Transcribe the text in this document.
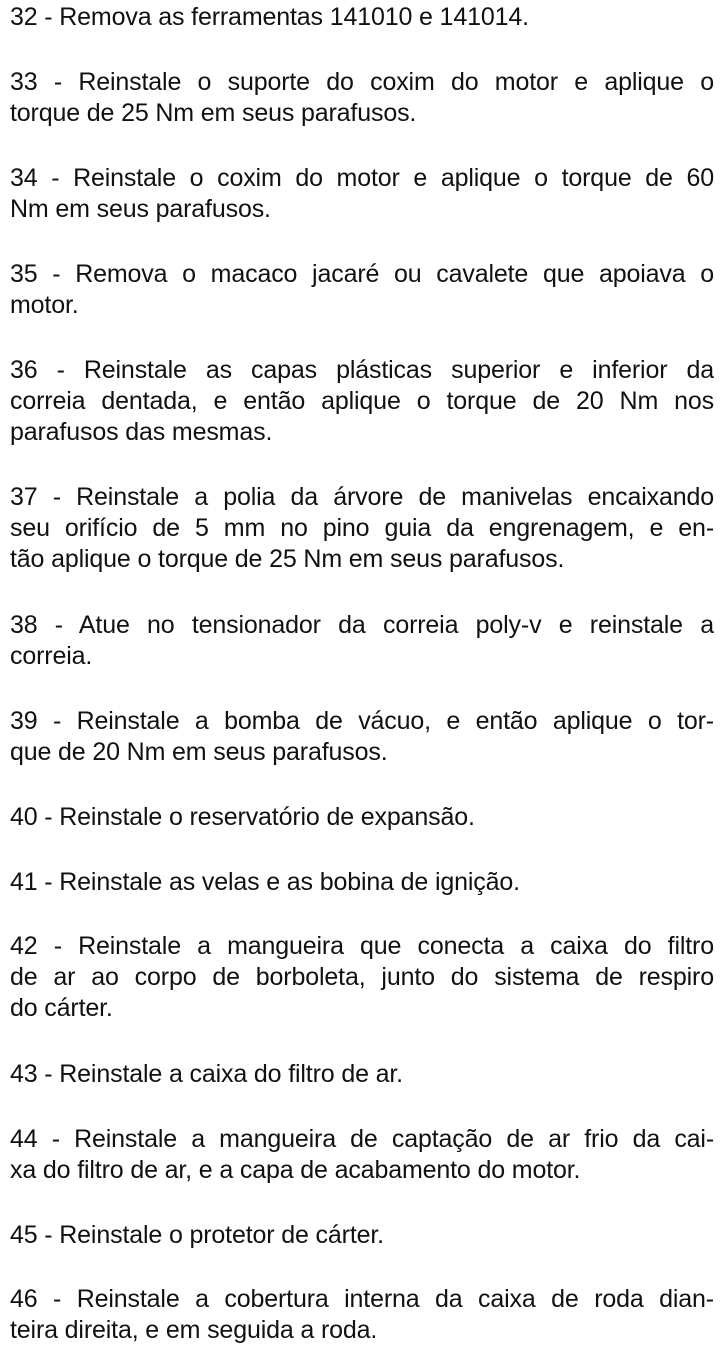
32 - Remova as ferramentas 141010 e 141014.

33 - Reinstale o suporte do coxim do motor e aplique o
torque de 25 Nm em seus parafusos.

34 - Reinstale o coxim do motor e aplique o torque de 60
Nm em seus parafusos.

35 - Remova o macaco jacaré ou cavalete que apoiava o
motor.

36 - Reinstale as capas plásticas superior e inferior da
correia dentada, e então aplique o torque de 20 Nm nos
parafusos das mesmas.

37 - Reinstale a polia da árvore de manivelas encaixando
seu orifício de 5 mm no pino guia da engrenagem, e en-
tão aplique o torque de 25 Nm em seus parafusos.

38 - Atue no tensionador da correia poly-v e reinstale a
correia.

39 - Reinstale a bomba de vácuo, e então aplique o tor-
que de 20 Nm em seus parafusos.

40 - Reinstale o reservatório de expansão.

41 - Reinstale as velas e as bobina de ignição.

42 - Reinstale a mangueira que conecta a caixa do filtro
de ar ao corpo de borboleta, junto do sistema de respiro
do cárter.

43 - Reinstale a caixa do filtro de ar.

44 - Reinstale a mangueira de captação de ar frio da cai-
xa do filtro de ar, e a capa de acabamento do motor.

45 - Reinstale o protetor de cárter.

46 - Reinstale a cobertura interna da caixa de roda dian-
teira direita, e em seguida a roda.
